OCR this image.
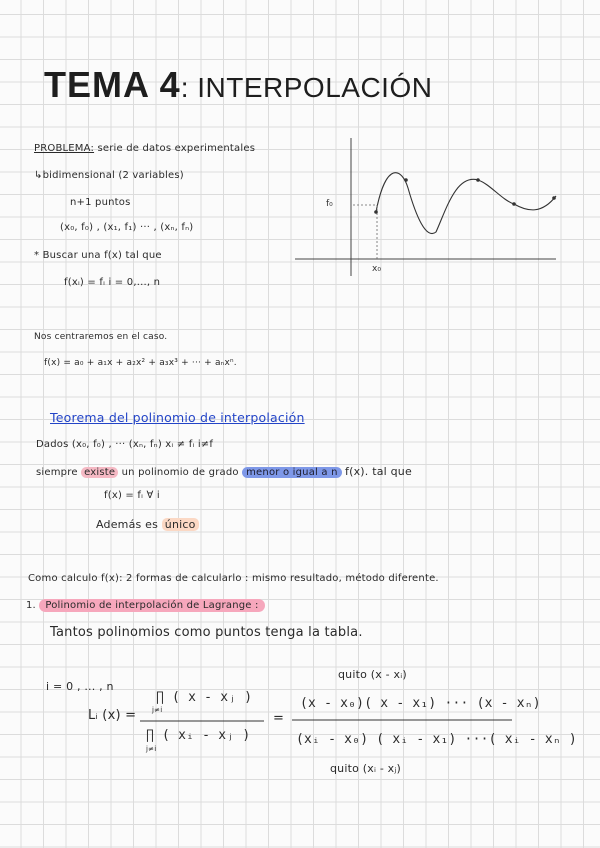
TEMA 4: INTERPOLACIÓN
PROBLEMA: serie de datos experimentales
↳bidimensional (2 variables)
n+1 puntos
(x₀, f₀) , (x₁, f₁) ··· , (xₙ, fₙ)
* Buscar una f(x) tal que
f(xᵢ) = fᵢ i = 0,..., n
f₀
x₀
Nos centraremos en el caso.
f(x) = a₀ + a₁x + a₂x² + a₃x³ + ··· + aₙxⁿ.
Teorema del polinomio de interpolación
Dados (x₀, f₀) , ··· (xₙ, fₙ) xᵢ ≠ fᵢ i≠f
siempre existe un polinomio de grado menor o igual a n f(x). tal que
f(x) = fᵢ ∀ i
Además es único
Como calculo f(x): 2 formas de calcularlo : mismo resultado, método diferente.
1. Polinomio de interpolación de Lagrange :
Tantos polinomios como puntos tenga la tabla.
i = 0 , ... , n
Lᵢ (x) =
∏ ( x - xⱼ )
j≠i
∏ ( xᵢ - xⱼ )
j≠i
=
quito (x - xᵢ)
(x - x₀)( x - x₁) ··· (x - xₙ)
(xᵢ - x₀) ( xᵢ - x₁) ···( xᵢ - xₙ )
quito (xᵢ - xⱼ)
